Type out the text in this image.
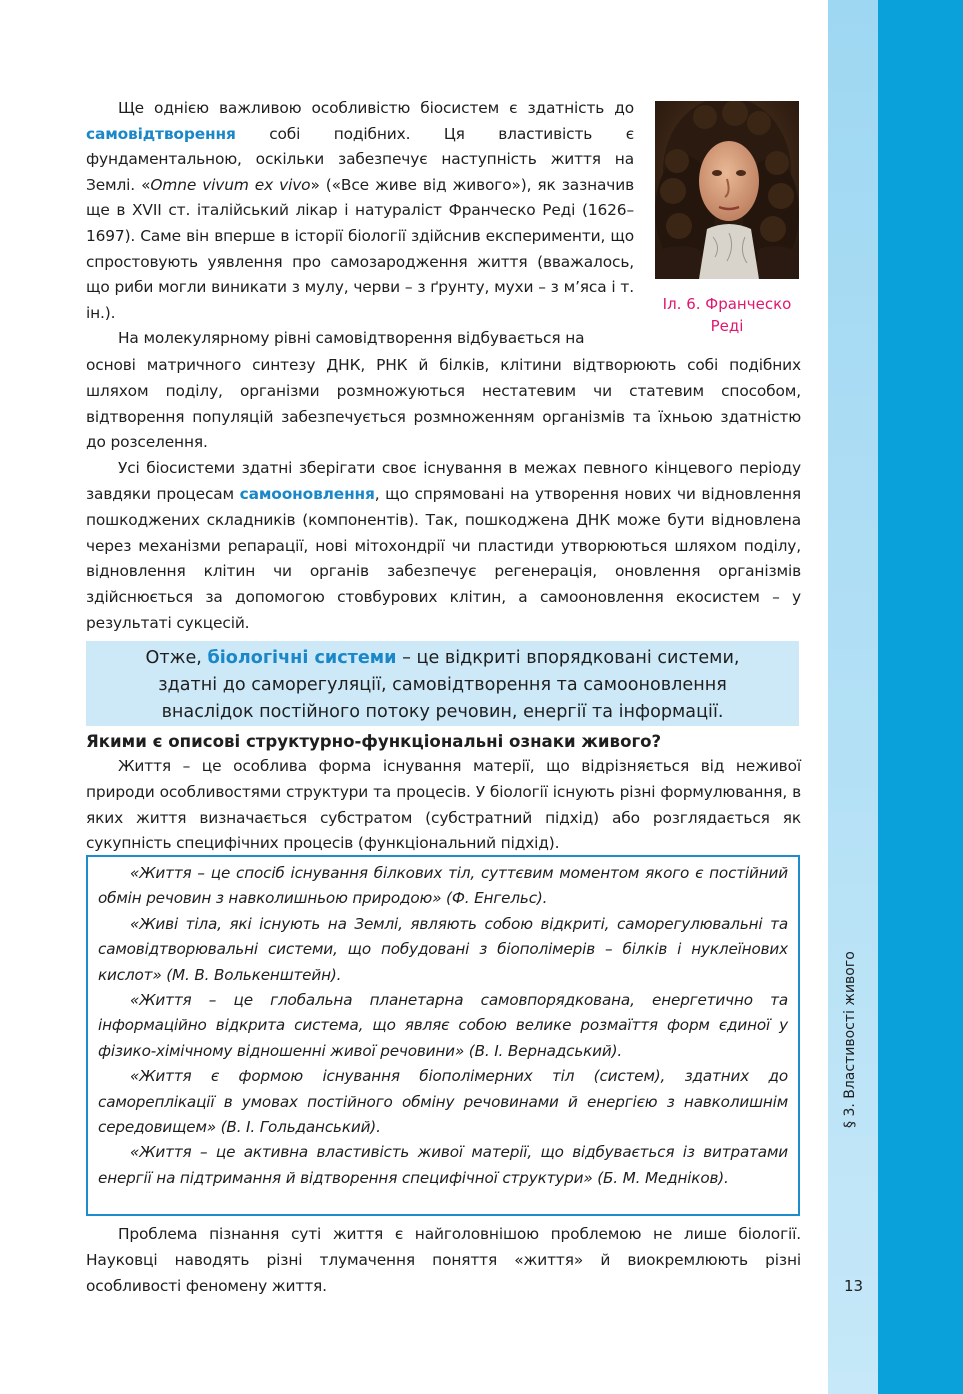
§ 3. Властивості живого
13

Ще однією важливою особливістю біосистем є здатність до самовідтворення собі подібних. Ця властивість є фундаментальною, оскільки забезпечує наступність життя на Землі. «Omne vivum ex vivo» («Все живе від живого»), як зазначив ще в XVII ст. італійський лікар і натураліст Франческо Реді (1626–1697). Саме він вперше в історії біології здійснив експерименти, що спростовують уявлення про самозародження життя (вважалось, що риби могли виникати з мулу, черви – з ґрунту, мухи – з м’яса і т. ін.).

На молекулярному рівні самовідтворення відбувається на

Іл. 6. Франческо Реді

основі матричного синтезу ДНК, РНК й білків, клітини відтворюють собі подібних шляхом поділу, організми розмножуються нестатевим чи статевим способом, відтворення популяцій забезпечується розмноженням організмів та їхньою здатністю до розселення.

Усі біосистеми здатні зберігати своє існування в межах певного кінцевого періоду завдяки процесам самооновлення, що спрямовані на утворення нових чи відновлення пошкоджених складників (компонентів). Так, пошкоджена ДНК може бути відновлена через механізми репарації, нові мітохондрії чи пластиди утворюються шляхом поділу, відновлення клітин чи органів забезпечує регенерація, оновлення організмів здійснюється за допомогою стовбурових клітин, а самооновлення екосистем – у результаті сукцесій.

Отже, біологічні системи – це відкриті впорядковані системи,
здатні до саморегуляції, самовідтворення та самооновлення
внаслідок постійного потоку речовин, енергії та інформації.
Якими є описові структурно-функціональні ознаки живого?

Життя – це особлива форма існування матерії, що відрізняється від неживої природи особливостями структури та процесів. У біології існують різні формулювання, в яких життя визначається субстратом (субстратний підхід) або розглядається як сукупність специфічних процесів (функціональний підхід).

«Життя – це спосіб існування білкових тіл, суттєвим моментом якого є постійний обмін речовин з навколишньою природою» (Ф. Енгельс).

«Живі тіла, які існують на Землі, являють собою відкриті, саморегулювальні та самовідтворювальні системи, що побудовані з біополімерів – білків і нуклеїнових кислот» (М. В. Волькенштейн).

«Життя – це глобальна планетарна самовпорядкована, енергетично та інформаційно відкрита система, що являє собою велике розмаїття форм єдиної у фізико-хімічному відношенні живої речовини» (В. І. Вернадський).

«Життя є формою існування біополімерних тіл (систем), здатних до самореплікації в умовах постійного обміну речовинами й енергією з навколишнім середовищем» (В. І. Гольданський).

«Життя – це активна властивість живої матерії, що відбувається із витратами енергії на підтримання й відтворення специфічної структури» (Б. М. Медніков).

Проблема пізнання суті життя є найголовнішою проблемою не лише біології. Науковці наводять різні тлумачення поняття «життя» й виокремлюють різні особливості феномену життя.
